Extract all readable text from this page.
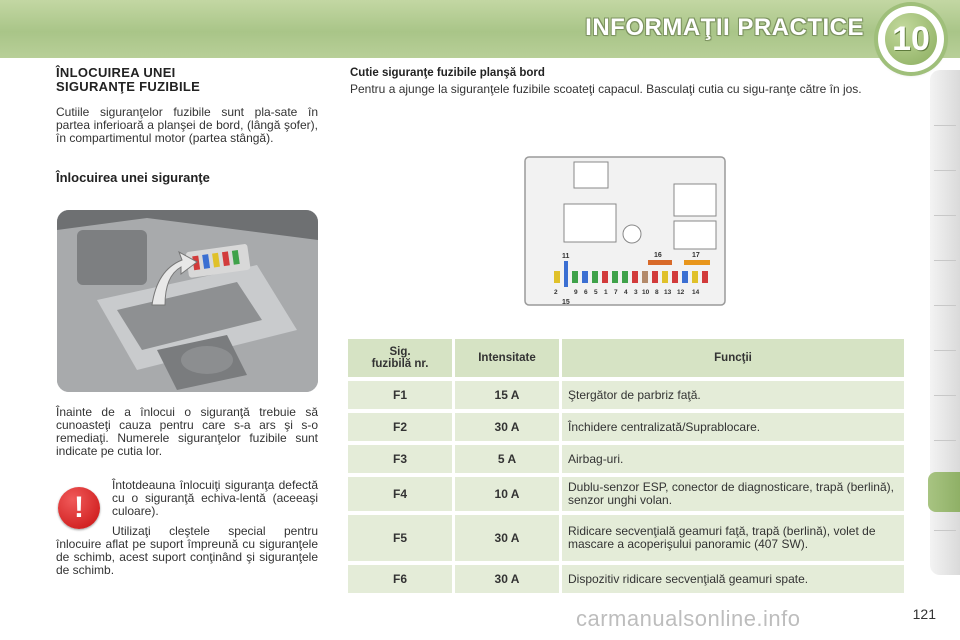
INFORMAŢII PRACTICE 10

ÎNLOCUIREA UNEI
SIGURANŢE FUZIBILE

Cutiile siguranţelor fuzibile sunt pla-sate în partea inferioară a planşei de bord, (lângă şofer), în compartimentul motor (partea stângă).

Înlocuirea unei siguranţe

Înainte de a înlocui o siguranţă trebuie să cunoasteţi cauza pentru care s-a ars şi s-o remediaţi. Numerele siguranţelor fuzibile sunt indicate pe cutia lor.

!

Întotdeauna înlocuiţi siguranţa defectă cu o siguranţă echiva-lentă (aceeaşi culoare).

Utilizaţi cleştele special pentru înlocuire aflat pe suport împreună cu siguranţele de schimb, acest suport conţinând şi siguranţele de schimb.

Cutie siguranţe fuzibile planşă bord

Pentru a ajunge la siguranţele fuzibile scoateţi capacul. Basculaţi cutia cu sigu-ranţe către în jos.

11	16	17
15
2	9 6 5 1 7 4 3 10 8 13 12 14
Sig.
fuzibilă nr.	Intensitate	Funcţii
F1	15 A	Ştergător de parbriz faţă.
F2	30 A	Închidere centralizată/Suprablocare.
F3	5 A	Airbag-uri.
F4	10 A	Dublu-senzor ESP, conector de diagnosticare, trapă (berlină), senzor unghi volan.
F5	30 A	Ridicare secvenţială geamuri faţă, trapă (berlină), volet de mascare a acoperişului panoramic (407 SW).
F6	30 A	Dispozitiv ridicare secvenţială geamuri spate.
carmanualsonline.info	121
